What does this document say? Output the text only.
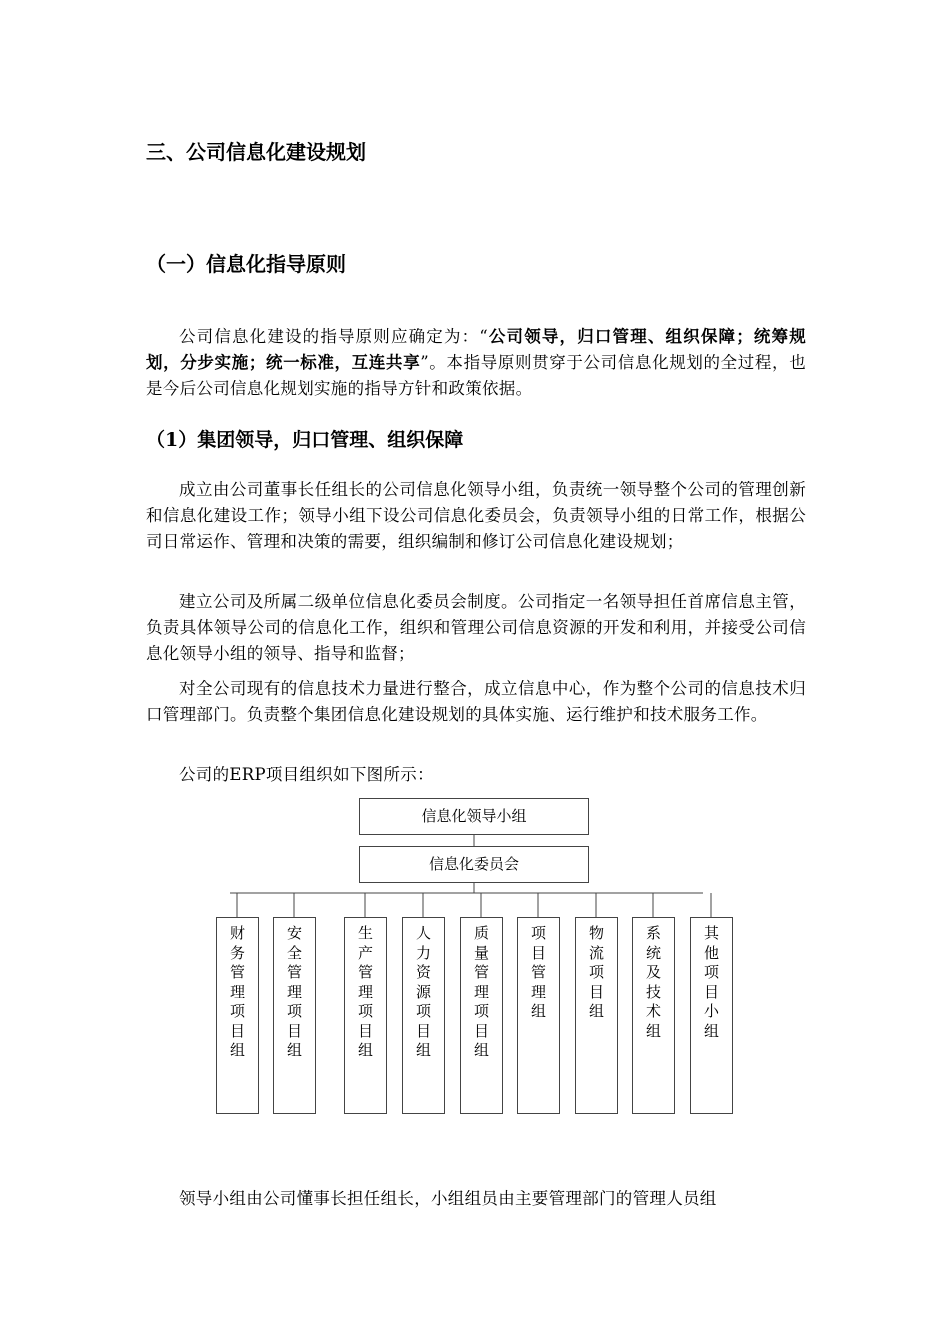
三、公司信息化建设规划
（一）信息化指导原则

公司信息化建设的指导原则应确定为：“公司领导，归口管理、组织保障；统筹规划，分步实施；统一标准，互连共享”。本指导原则贯穿于公司信息化规划的全过程，也是今后公司信息化规划实施的指导方针和政策依据。

（1）集团领导，归口管理、组织保障

成立由公司董事长任组长的公司信息化领导小组，负责统一领导整个公司的管理创新和信息化建设工作；领导小组下设公司信息化委员会，负责领导小组的日常工作，根据公司日常运作、管理和决策的需要，组织编制和修订公司信息化建设规划；

建立公司及所属二级单位信息化委员会制度。公司指定一名领导担任首席信息主管，负责具体领导公司的信息化工作，组织和管理公司信息资源的开发和利用，并接受公司信息化领导小组的领导、指导和监督；

对全公司现有的信息技术力量进行整合，成立信息中心，作为整个公司的信息技术归口管理部门。负责整个集团信息化建设规划的具体实施、运行维护和技术服务工作。

公司的ERP项目组织如下图所示：

信息化领导小组
信息化委员会
财务管理项目组
安全管理项目组
生产管理项目组
人力资源项目组
质量管理项目组
项目管理组
物流项目组
系统及技术组
其他项目小组

领导小组由公司懂事长担任组长，小组组员由主要管理部门的管理人员组
